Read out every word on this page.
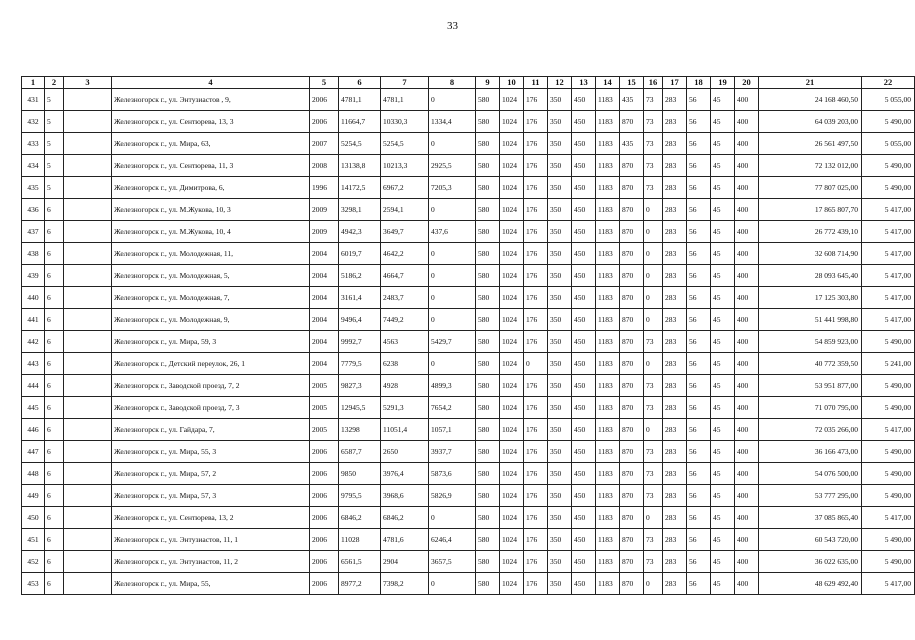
33
1	2	3	4	5	6	7	8	9	10	11	12	13	14	15	16	17	18	19	20	21	22
431	5		Железногорск г., ул. Энтузиастов , 9,	2006	4781,1	4781,1	0	580	1024	176	350	450	1183	435	73	283	56	45	400	24 168 460,50	5 055,00
432	5		Железногорск г., ул. Сентюрева, 13, 3	2006	11664,7	10330,3	1334,4	580	1024	176	350	450	1183	870	73	283	56	45	400	64 039 203,00	5 490,00
433	5		Железногорск г., ул. Мира, 63,	2007	5254,5	5254,5	0	580	1024	176	350	450	1183	435	73	283	56	45	400	26 561 497,50	5 055,00
434	5		Железногорск г., ул. Сентюрева, 11, 3	2008	13138,8	10213,3	2925,5	580	1024	176	350	450	1183	870	73	283	56	45	400	72 132 012,00	5 490,00
435	5		Железногорск г., ул. Димитрова, 6,	1996	14172,5	6967,2	7205,3	580	1024	176	350	450	1183	870	73	283	56	45	400	77 807 025,00	5 490,00
436	6		Железногорск г., ул. М.Жукова, 10, 3	2009	3298,1	2594,1	0	580	1024	176	350	450	1183	870	0	283	56	45	400	17 865 807,70	5 417,00
437	6		Железногорск г., ул. М.Жукова, 10, 4	2009	4942,3	3649,7	437,6	580	1024	176	350	450	1183	870	0	283	56	45	400	26 772 439,10	5 417,00
438	6		Железногорск г., ул. Молодежная, 11,	2004	6019,7	4642,2	0	580	1024	176	350	450	1183	870	0	283	56	45	400	32 608 714,90	5 417,00
439	6		Железногорск г., ул. Молодежная, 5,	2004	5186,2	4664,7	0	580	1024	176	350	450	1183	870	0	283	56	45	400	28 093 645,40	5 417,00
440	6		Железногорск г., ул. Молодежная, 7,	2004	3161,4	2483,7	0	580	1024	176	350	450	1183	870	0	283	56	45	400	17 125 303,80	5 417,00
441	6		Железногорск г., ул. Молодежная, 9,	2004	9496,4	7449,2	0	580	1024	176	350	450	1183	870	0	283	56	45	400	51 441 998,80	5 417,00
442	6		Железногорск г., ул. Мира, 59, 3	2004	9992,7	4563	5429,7	580	1024	176	350	450	1183	870	73	283	56	45	400	54 859 923,00	5 490,00
443	6		Железногорск г., Детский переулок, 26, 1	2004	7779,5	6238	0	580	1024	0	350	450	1183	870	0	283	56	45	400	40 772 359,50	5 241,00
444	6		Железногорск г., Заводской проезд, 7, 2	2005	9827,3	4928	4899,3	580	1024	176	350	450	1183	870	73	283	56	45	400	53 951 877,00	5 490,00
445	6		Железногорск г., Заводской проезд, 7, 3	2005	12945,5	5291,3	7654,2	580	1024	176	350	450	1183	870	73	283	56	45	400	71 070 795,00	5 490,00
446	6		Железногорск г., ул. Гайдара, 7,	2005	13298	11051,4	1057,1	580	1024	176	350	450	1183	870	0	283	56	45	400	72 035 266,00	5 417,00
447	6		Железногорск г., ул. Мира, 55, 3	2006	6587,7	2650	3937,7	580	1024	176	350	450	1183	870	73	283	56	45	400	36 166 473,00	5 490,00
448	6		Железногорск г., ул. Мира, 57, 2	2006	9850	3976,4	5873,6	580	1024	176	350	450	1183	870	73	283	56	45	400	54 076 500,00	5 490,00
449	6		Железногорск г., ул. Мира, 57, 3	2006	9795,5	3968,6	5826,9	580	1024	176	350	450	1183	870	73	283	56	45	400	53 777 295,00	5 490,00
450	6		Железногорск г., ул. Сентюрева, 13, 2	2006	6846,2	6846,2	0	580	1024	176	350	450	1183	870	0	283	56	45	400	37 085 865,40	5 417,00
451	6		Железногорск г., ул. Энтузиастов, 11, 1	2006	11028	4781,6	6246,4	580	1024	176	350	450	1183	870	73	283	56	45	400	60 543 720,00	5 490,00
452	6		Железногорск г., ул. Энтузиастов, 11, 2	2006	6561,5	2904	3657,5	580	1024	176	350	450	1183	870	73	283	56	45	400	36 022 635,00	5 490,00
453	6		Железногорск г., ул. Мира, 55,	2006	8977,2	7398,2	0	580	1024	176	350	450	1183	870	0	283	56	45	400	48 629 492,40	5 417,00
